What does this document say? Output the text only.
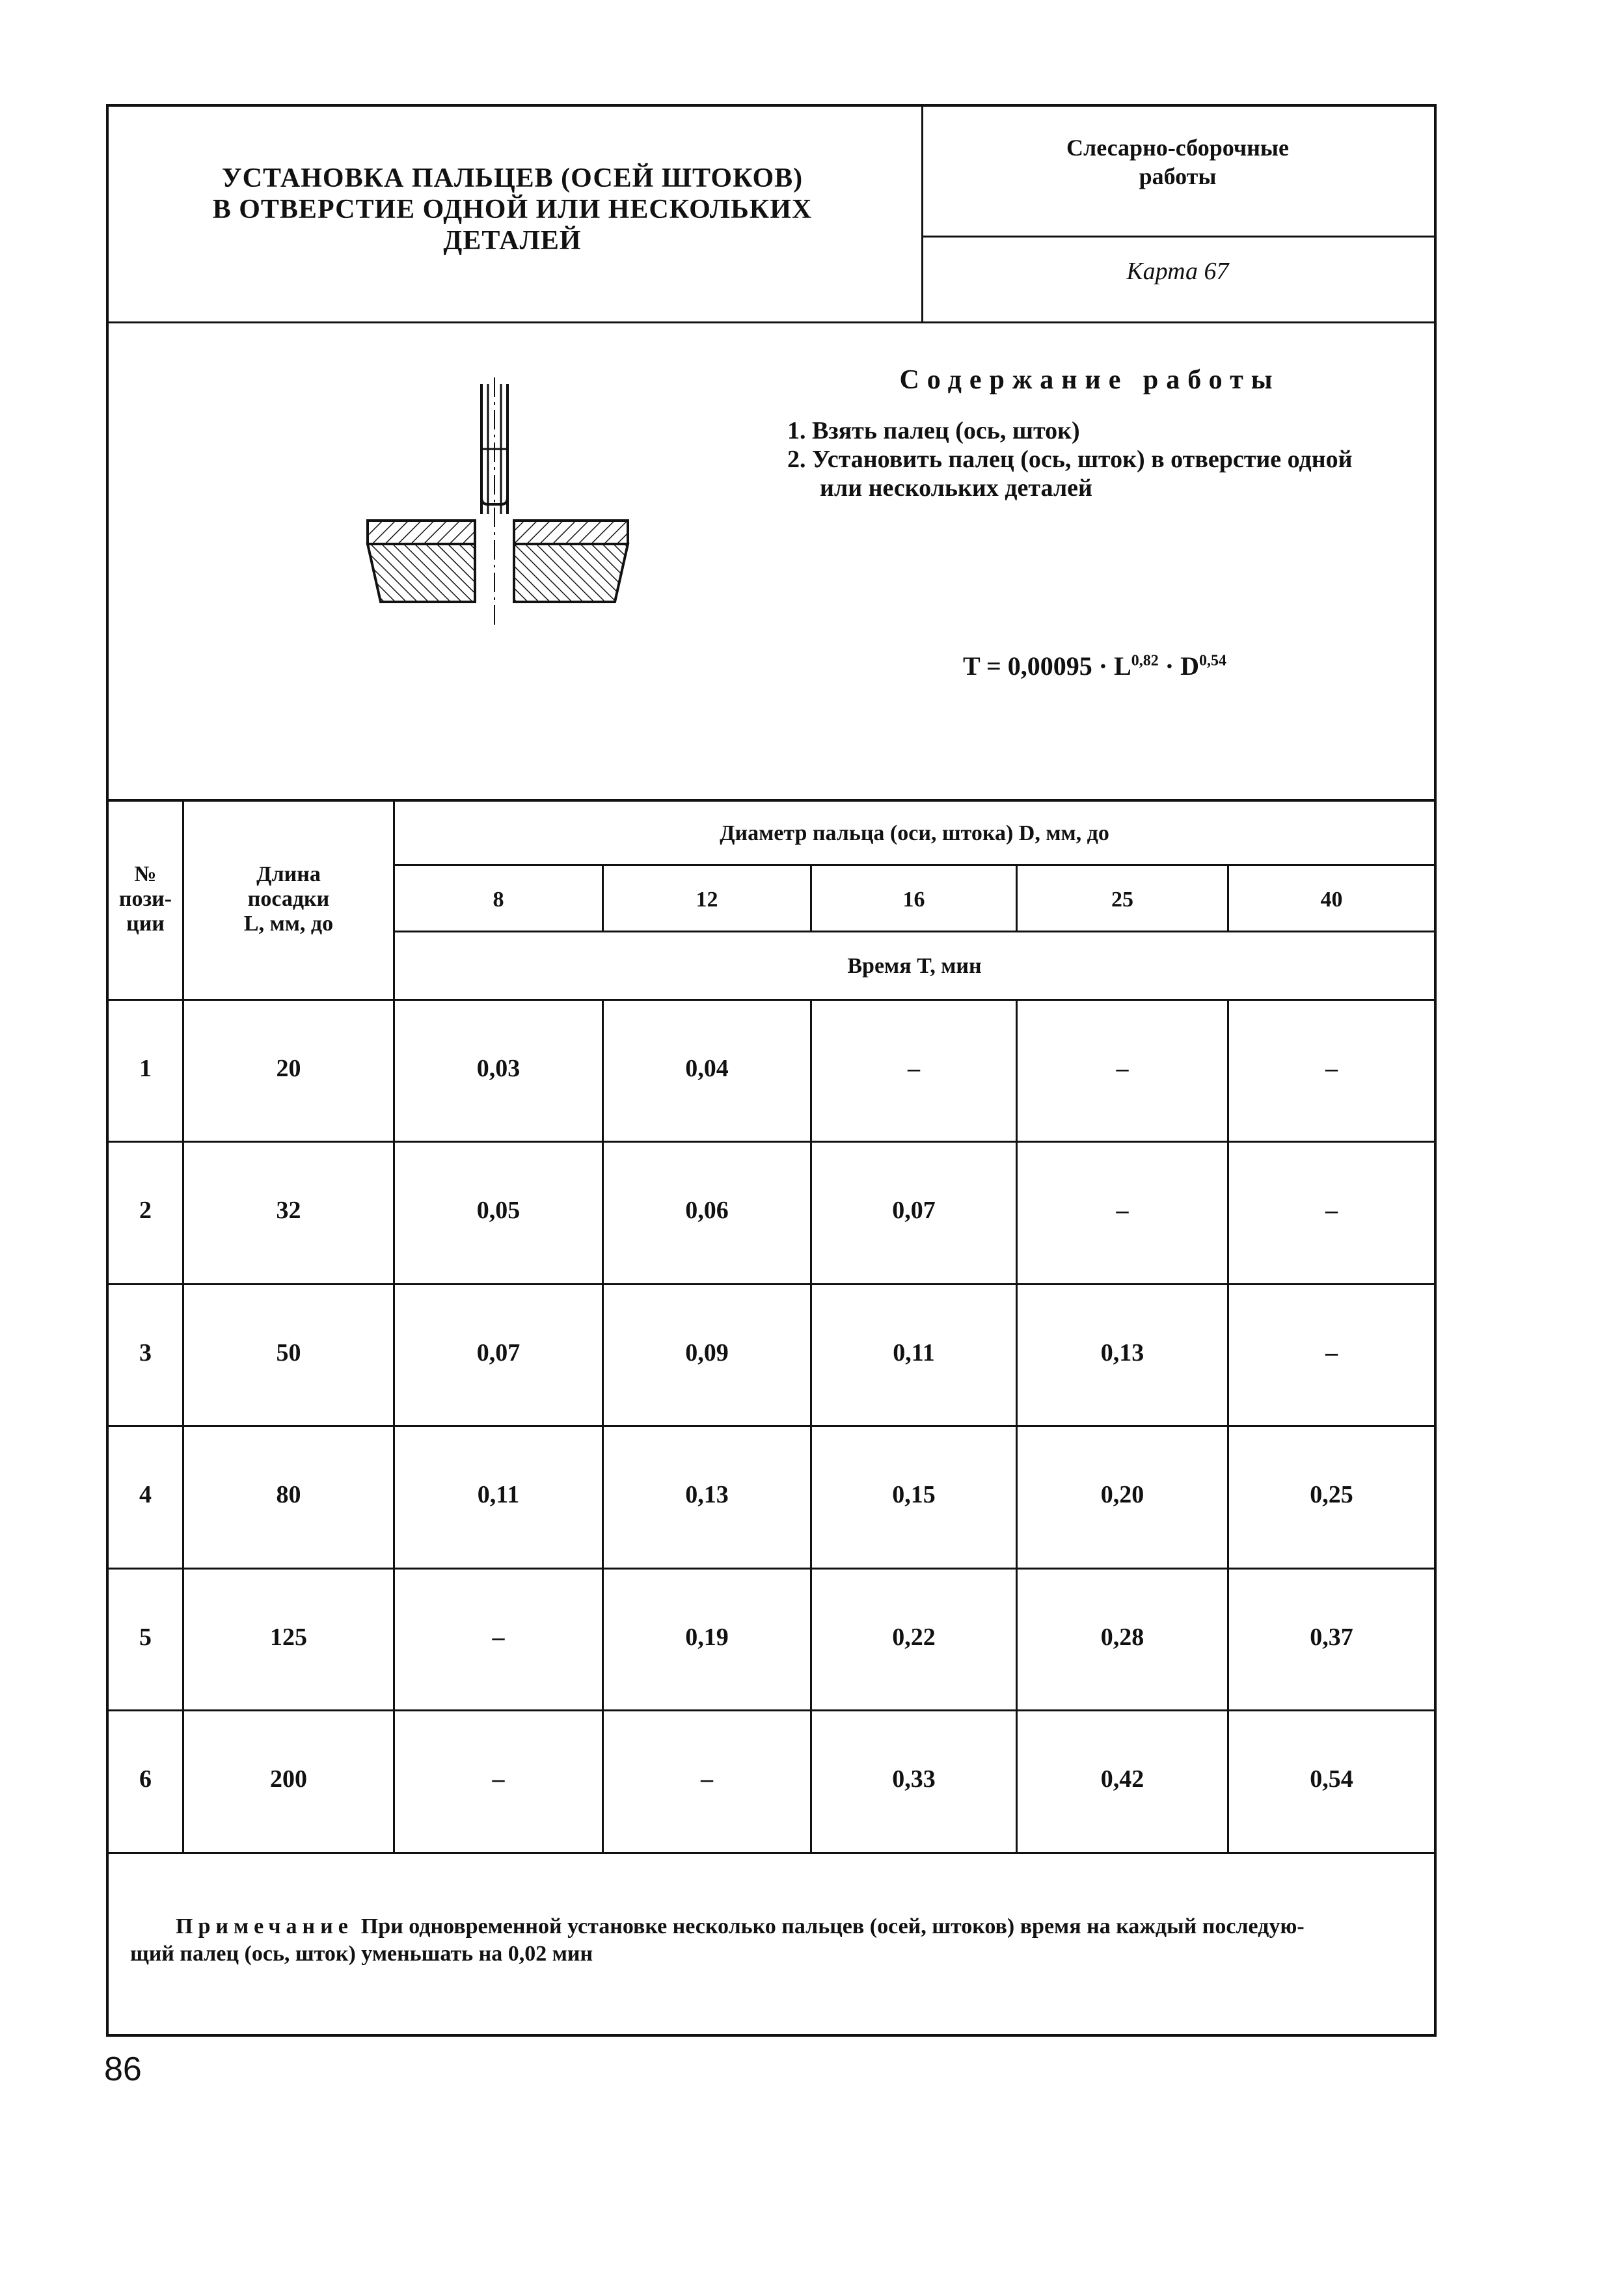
УСТАНОВКА ПАЛЬЦЕВ (ОСЕЙ ШТОКОВ)
В ОТВЕРСТИЕ ОДНОЙ ИЛИ НЕСКОЛЬКИХ
ДЕТАЛЕЙ
Слесарно-сборочные
работы
Карта 67
Содержание работы
1. Взять палец (ось, шток)
2. Установить палец (ось, шток) в отверстие одной
или нескольких деталей
T = 0,00095 · L$^{0,82}$ · D$^{0,54}$
№
пози-
ции
Длина
посадки
L, мм, до
Диаметр пальца (оси, штока) D, мм, до
8	12	16	25	40
Время T, мин
1	20	0,03	0,04	–	–	–
2	32	0,05	0,06	0,07	–	–
3	50	0,07	0,09	0,11	0,13	–
4	80	0,11	0,13	0,15	0,20	0,25
5	125	–	0,19	0,22	0,28	0,37
6	200	–	–	0,33	0,42	0,54
Примечание При одновременной установке несколько пальцев (осей, штоков) время на каждый последую-
щий палец (ось, шток) уменьшать на 0,02 мин
86
